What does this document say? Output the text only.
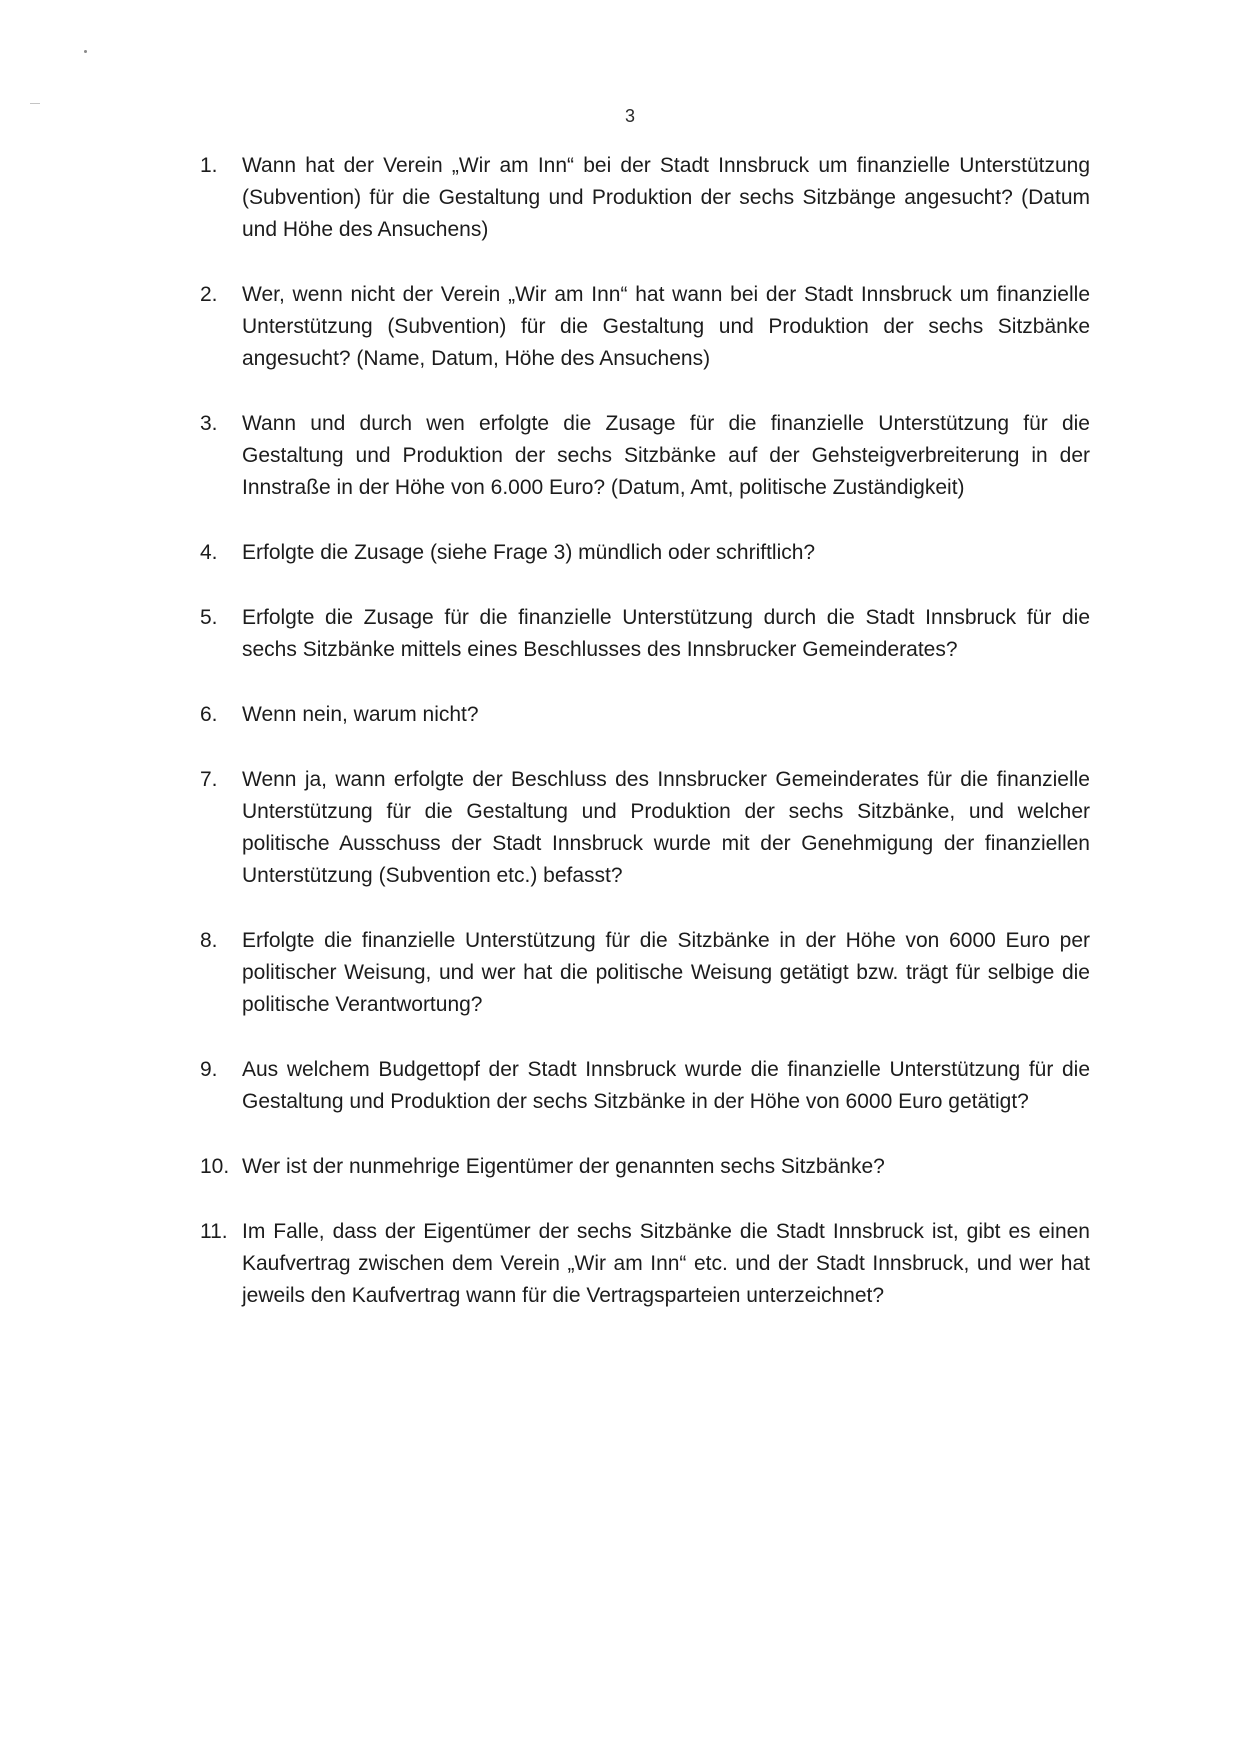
3
1.	Wann hat der Verein „Wir am Inn“ bei der Stadt Innsbruck um finanzielle Unterstützung (Subvention) für die Gestaltung und Produktion der sechs Sitzbänge angesucht? (Datum und Höhe des Ansuchens)
2.	Wer, wenn nicht der Verein „Wir am Inn“ hat wann bei der Stadt Innsbruck um finanzielle Unterstützung (Subvention) für die Gestaltung und Produktion der sechs Sitzbänke angesucht? (Name, Datum, Höhe des Ansuchens)
3.	Wann und durch wen erfolgte die Zusage für die finanzielle Unterstützung für die Gestaltung und Produktion der sechs Sitzbänke auf der Gehsteigverbreiterung in der Innstraße in der Höhe von 6.000 Euro? (Datum, Amt, politische Zuständigkeit)
4.	Erfolgte die Zusage (siehe Frage 3) mündlich oder schriftlich?
5.	Erfolgte die Zusage für die finanzielle Unterstützung durch die Stadt Innsbruck für die sechs Sitzbänke mittels eines Beschlusses des Innsbrucker Gemeinderates?
6.	Wenn nein, warum nicht?
7.	Wenn ja, wann erfolgte der Beschluss des Innsbrucker Gemeinderates für die finanzielle Unterstützung für die Gestaltung und Produktion der sechs Sitzbänke, und welcher politische Ausschuss der Stadt Innsbruck wurde mit der Genehmigung der finanziellen Unterstützung (Subvention etc.) befasst?
8.	Erfolgte die finanzielle Unterstützung für die Sitzbänke in der Höhe von 6000 Euro per politischer Weisung, und wer hat die politische Weisung getätigt bzw. trägt für selbige die politische Verantwortung?
9.	Aus welchem Budgettopf der Stadt Innsbruck wurde die finanzielle Unterstützung für die Gestaltung und Produktion der sechs Sitzbänke in der Höhe von 6000 Euro getätigt?
10. Wer ist der nunmehrige Eigentümer der genannten sechs Sitzbänke?
11. Im Falle, dass der Eigentümer der sechs Sitzbänke die Stadt Innsbruck ist, gibt es einen Kaufvertrag zwischen dem Verein „Wir am Inn“ etc. und der Stadt Innsbruck, und wer hat jeweils den Kaufvertrag wann für die Vertragsparteien unterzeichnet?
